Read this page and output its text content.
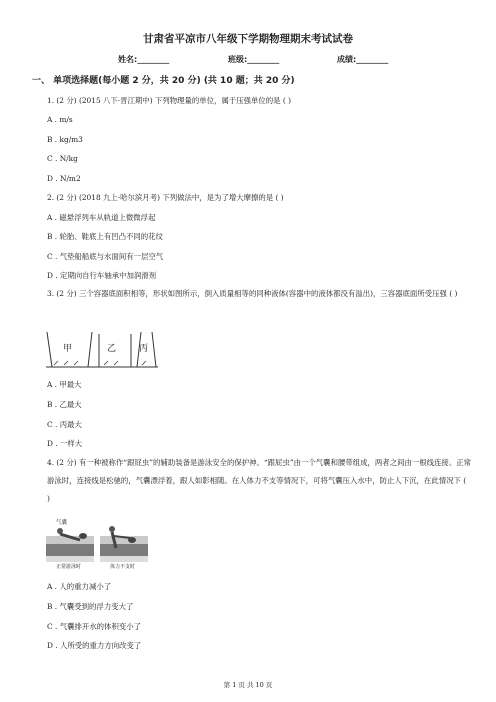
甘肃省平凉市八年级下学期物理期末考试试卷
姓名:________	班级:________	成绩:________
一、 单项选择题(每小题 2 分，共 20 分) (共 10 题；共 20 分)
1. (2 分) (2015 八下·晋江期中) 下列物理量的单位，属于压强单位的是 ( )
A . m/s
B . kg/m3
C . N/kg
D . N/m2
2. (2 分) (2018 九上·哈尔滨月考) 下列做法中，是为了增大摩擦的是 ( )
A . 磁悬浮列车从轨道上微微浮起
B . 轮胎、鞋底上有凹凸不同的花纹
C . 气垫船船底与水面间有一层空气
D . 定期向自行车轴承中加润滑剂
3. (2 分) 三个容器底面积相等，形状如图所示，倒入质量相等的同种液体(容器中的液体都没有溢出)，三容器底面所受压强 ( )
甲	乙	丙
A . 甲最大
B . 乙最大
C . 丙最大
D . 一样大
4. (2 分) 有一种被称作“跟屁虫”的辅助装备是游泳安全的保护神。“跟屁虫”由一个气囊和腰带组成，两者之间由一根线连接。正常游泳时，连接线是松驰的，气囊漂浮着，跟人如影相随。在人体力不支等情况下，可将气囊压入水中，防止人下沉，在此情况下 ( )
气囊
正常游泳时	体力不支时
A . 人的重力减小了
B . 气囊受到的浮力变大了
C . 气囊排开水的体积变小了
D . 人所受的重力方向改变了
第 1 页 共 10 页
